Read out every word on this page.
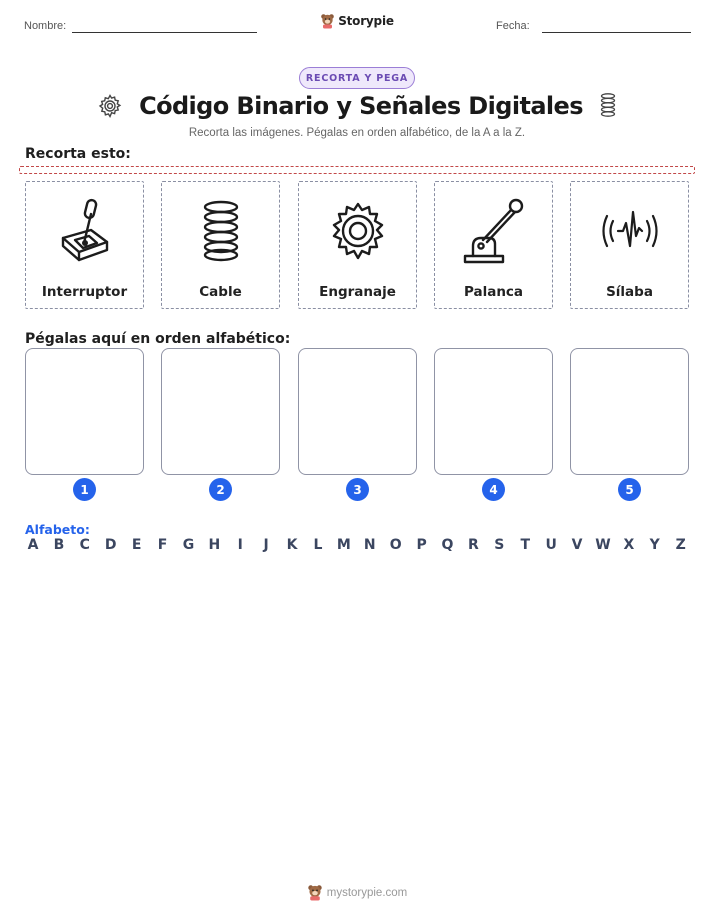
Nombre:	Fecha:
Storypie
RECORTA Y PEGA
Código Binario y Señales Digitales
Recorta las imágenes. Pégalas en orden alfabético, de la A a la Z.
Recorta esto:
Interruptor	Cable	Engranaje	Palanca	Sílaba
Pégalas aquí en orden alfabético:
1	2	3	4	5
Alfabeto:
A B C D E F G H	I	J	K L M N O P Q R S T U V W X Y Z
mystorypie.com
